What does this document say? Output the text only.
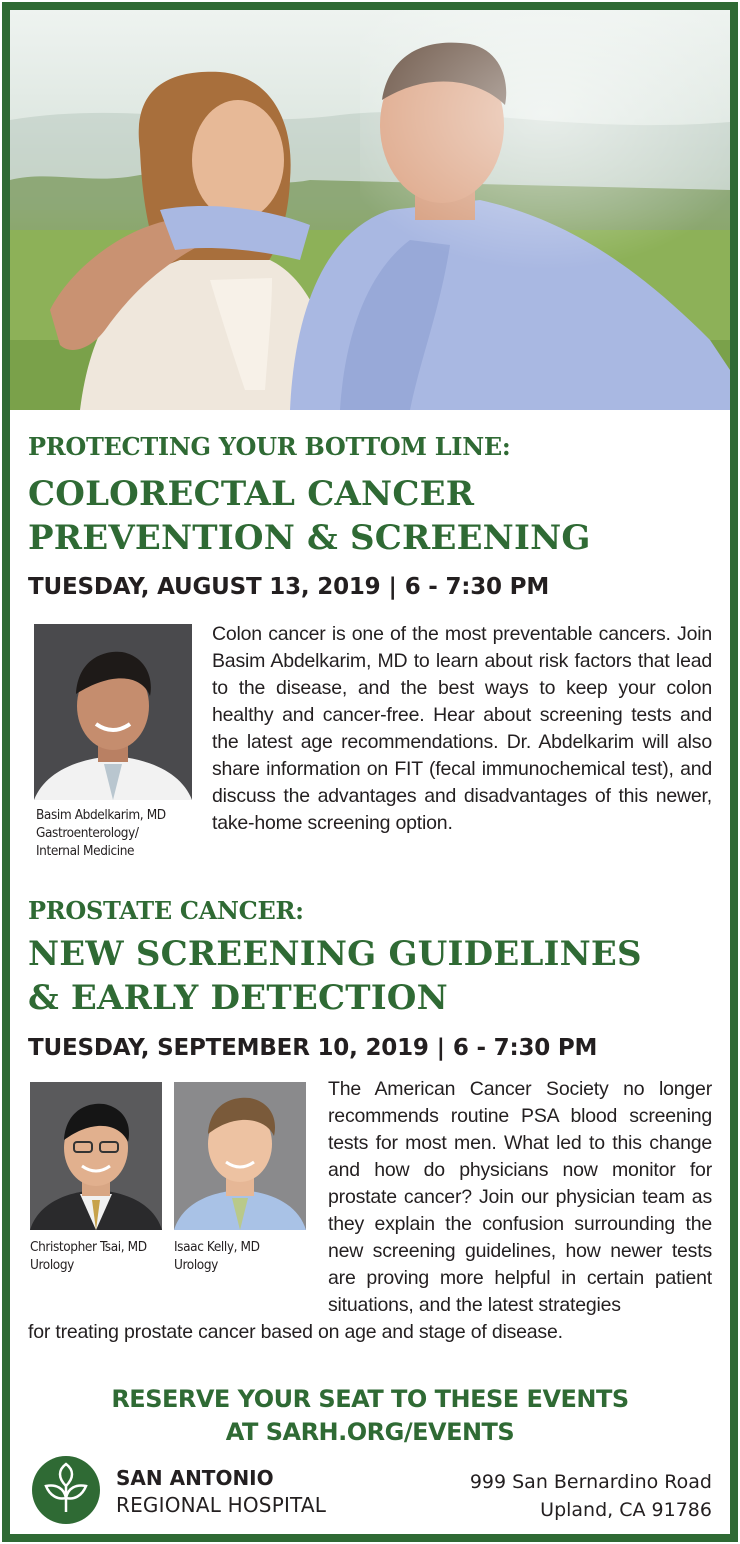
PROTECTING YOUR BOTTOM LINE:
COLORECTAL CANCER
PREVENTION & SCREENING
TUESDAY, AUGUST 13, 2019 | 6 - 7:30 PM
Basim Abdelkarim, MD
Gastroenterology/
Internal Medicine
Colon cancer is one of the most preventable cancers. Join Basim Abdelkarim, MD to learn about risk factors that lead to the disease, and the best ways to keep your colon healthy and cancer-free. Hear about screening tests and the latest age recommendations. Dr. Abdelkarim will also share information on FIT (fecal immunochemical test), and discuss the advantages and disadvantages of this newer, take-home screening option.
PROSTATE CANCER:
NEW SCREENING GUIDELINES
& EARLY DETECTION
TUESDAY, SEPTEMBER 10, 2019 | 6 - 7:30 PM
Christopher Tsai, MD
Urology
Isaac Kelly, MD
Urology
The American Cancer Society no longer recommends routine PSA blood screening tests for most men. What led to this change and how do physicians now monitor for prostate cancer? Join our physician team as they explain the confusion surrounding the new screening guidelines, how newer tests are proving more helpful in certain patient situations, and the latest strategies
for treating prostate cancer based on age and stage of disease.
RESERVE YOUR SEAT TO THESE EVENTS
AT SARH.ORG/EVENTS
SAN ANTONIO
REGIONAL HOSPITAL
999 San Bernardino Road
Upland, CA 91786
